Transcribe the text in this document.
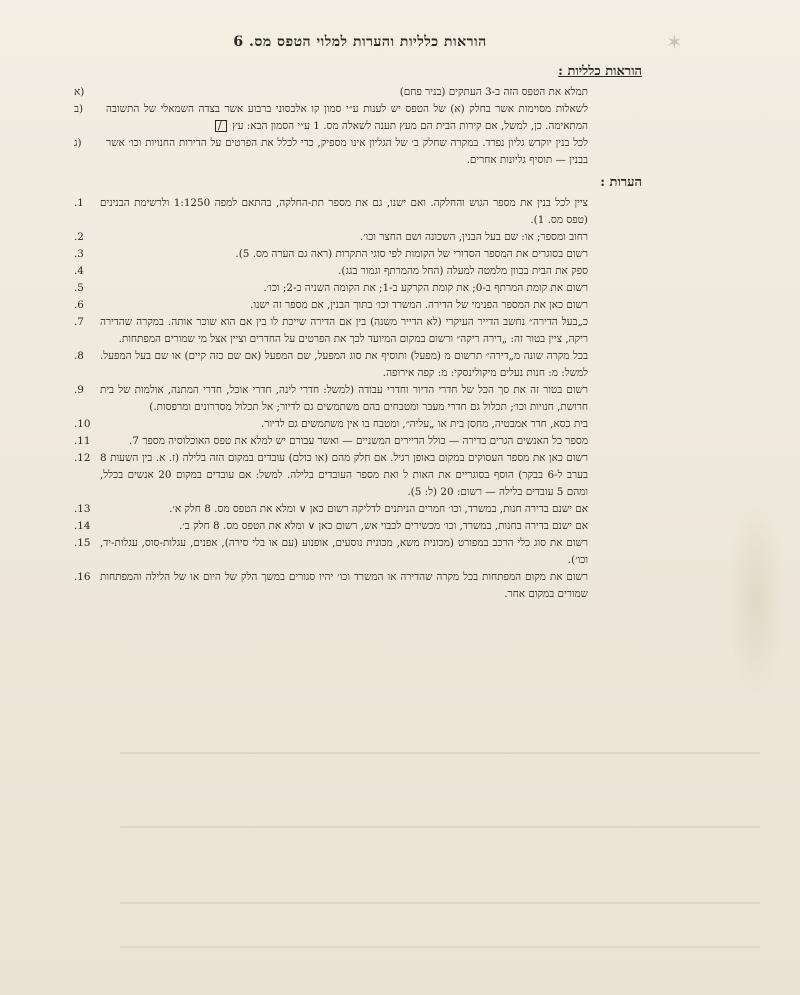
✶
הוראות כלליות והערות למלוי הטפס מס. 6
הוראות כלליות :
תמלא את הטפס הזה ב-3 העתקים (בניר פחם)
א)
לשאלות מסוימות אשר בחלק (א) של הטפס יש לענות ע״י סמון קו אלכסוני ברבוע אשר בצדה השמאלי של התשובה המתאימה. כן, למשל, אם קירות הבית הם מעץ תענה לשאלה מס. 1 ע״י הסמון הבא: עץ /
ב)
לכל בנין יוקדש גליון נפרד. במקרה שחלק ב׳ של הגליון אינו מספיק, כדי לכלל את הפרטים על הדירות החנויות וכו׳ אשר בבנין — תוסיף גליונות אחרים.
ג)
הערות :
ציין לכל בנין את מספר הגוש והחלקה. ואם ישנו, גם את מספר תת-החלקה, בהתאם למפה 1:1250 ולרשימת הבנינים (טפס מס. 1).
.1
רחוב ומספר; או: שם בעל הבנין, השכונה ושם החצר וכו׳.
.2
רשום בסוגרים את המספר הסדורי של הקומות לפי סוגי התקרות (ראה גם הערה מס. 5).
.3
ספק את הבית בכוון מלמטה למעלה (החל מהמרתף וגמור בגג).
.4
רשום את קומת המרתף ב-0; את קומת הקרקע ב-1; את הקומה השניה ב-2; וכו׳.
.5
רשום כאן את המספר הפנימי של הדירה. המשרד וכו׳ בתוך הבנין, אם מספר זה ישנו.
.6
כ„בעל הדירה״ נחשב הדייר העיקרי (לא הדייר משנה) בין אם הדירה שייכת לו בין אם הוא שוכר אותה. במקרה שהדירה ריקה, ציין בטור זה: „דירה ריקה״ ורשום במקום המיועד לכך את הפרטים על החדרים וציין אצל מי שמורים המפתחות.
.7
בכל מקרה שונה מ„דירה״ תרשום מ (מפעל) ותוסיף את סוג המפעל, שם המפעל (אם שם כזה קיים) או שם בעל המפעל. למשל: מ: חנות נעלים מיקולינסקי: מ: קפה אירופה.
.8
רשום בטור זה את סך הכל של חדרי הדיור וחדרי עבודה (למשל: חדרי לינה, חדרי אוכל, חדרי המתנה, אולמות של בית חרושת, חנויות וכו׳; תכלול גם חדרי מעבר ומטבחים בהם משתמשים גם לדיור; אל תכלול מסדרונים ומרפסות.)
.9
בית כסא, חדר אמבטיה, מחסן בית או „עליה״, ומטבח בו אין משתמשים גם לדיור.
.10
מספר כל האנשים הגרים בדירה — כולל הדיירים המשניים — ואשר עבורם יש למלא את טפס האוכלוסיה מספר 7.
.11
רשום כאן את מספר העסוקים במקום באופן רגיל. אם חלק מהם (או כולם) עובדים במקום הזה בלילה (ז. א. בין השעות 8 בערב ל-6 בבקר) הוסף בסוגריים את האות ל ואת מספר העובדים בלילה. למשל: אם עובדים במקום 20 אנשים בכלל, ומהם 5 עובדים בלילה — רשום: 20 (ל: 5).
.12
אם ישנם בדירה חנות, במשרד, וכו׳ חמרים הניתנים לדליקה רשום כאן ∨ ומלא את הטפס מס. 8 חלק א׳.
.13
אם ישנם בדירה בחנות, במשרד, וכו׳ מכשירים לכבוי אש, רשום כאן ∨ ומלא את הטפס מס. 8 חלק ב׳.
.14
רשום את סוג כלי הרכב במפורט (מכונית משא, מכונית נוסעים, אופנוע (עם או בלי סירה), אפנים, עגלות-סוס, עגלות-יד, וכו׳).
.15
רשום את מקום המפתחות בכל מקרה שהדירה או המשרד וכו׳ יהיו סגורים במשך הלק של היום או של הלילה והמפתחות שמורים במקום אחר.
.16
